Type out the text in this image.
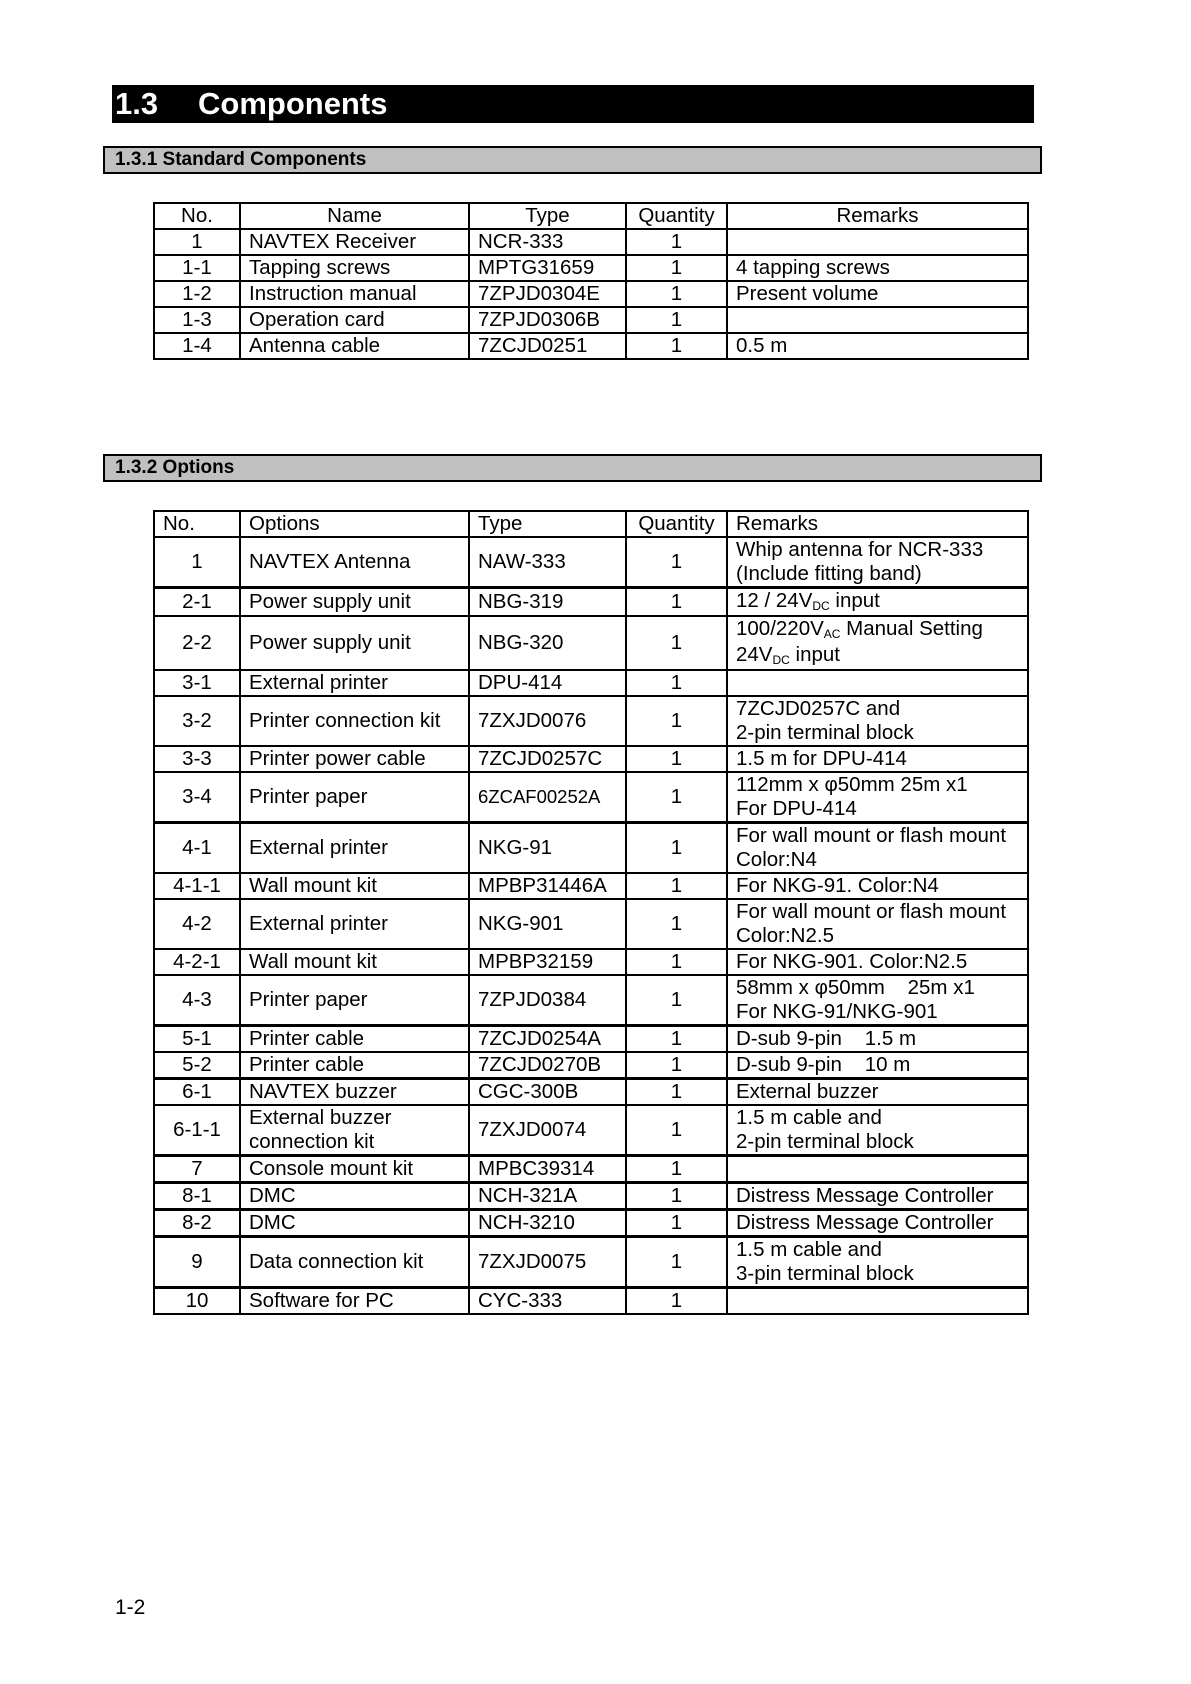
1.3 Components
1.3.1 Standard Components
No.	Name	Type	Quantity	Remarks
1	NAVTEX Receiver	NCR-333	1	
1-1	Tapping screws	MPTG31659	1	4 tapping screws
1-2	Instruction manual	7ZPJD0304E	1	Present volume
1-3	Operation card	7ZPJD0306B	1	
1-4	Antenna cable	7ZCJD0251	1	0.5 m
1.3.2 Options
No.	Options	Type	Quantity	Remarks
1	NAVTEX Antenna	NAW-333	1	Whip antenna for NCR-333
(Include fitting band)
2-1	Power supply unit	NBG-319	1	$12 / 24V_{DC}$ input
2-2	Power supply unit	NBG-320	1	$100/220V_{AC}$ Manual Setting
$24V_{DC}$ input
3-1	External printer	DPU-414	1	
3-2	Printer connection kit	7ZXJD0076	1	7ZCJD0257C and
2-pin terminal block
3-3	Printer power cable	7ZCJD0257C	1	1.5 m for DPU-414
3-4	Printer paper	6ZCAF00252A	1	112mm x φ50mm 25m x1
For DPU-414
4-1	External printer	NKG-91	1	For wall mount or flash mount
Color:N4
4-1-1	Wall mount kit	MPBP31446A	1	For NKG-91. Color:N4
4-2	External printer	NKG-901	1	For wall mount or flash mount
Color:N2.5
4-2-1	Wall mount kit	MPBP32159	1	For NKG-901. Color:N2.5
4-3	Printer paper	7ZPJD0384	1	58mm x φ50mm    25m x1
For NKG-91/NKG-901
5-1	Printer cable	7ZCJD0254A	1	D-sub 9-pin    1.5 m
5-2	Printer cable	7ZCJD0270B	1	D-sub 9-pin    10 m
6-1	NAVTEX buzzer	CGC-300B	1	External buzzer
6-1-1	External buzzer
connection kit	7ZXJD0074	1	1.5 m cable and
2-pin terminal block
7	Console mount kit	MPBC39314	1	
8-1	DMC	NCH-321A	1	Distress Message Controller
8-2	DMC	NCH-3210	1	Distress Message Controller
9	Data connection kit	7ZXJD0075	1	1.5 m cable and
3-pin terminal block
10	Software for PC	CYC-333	1	
1-2
